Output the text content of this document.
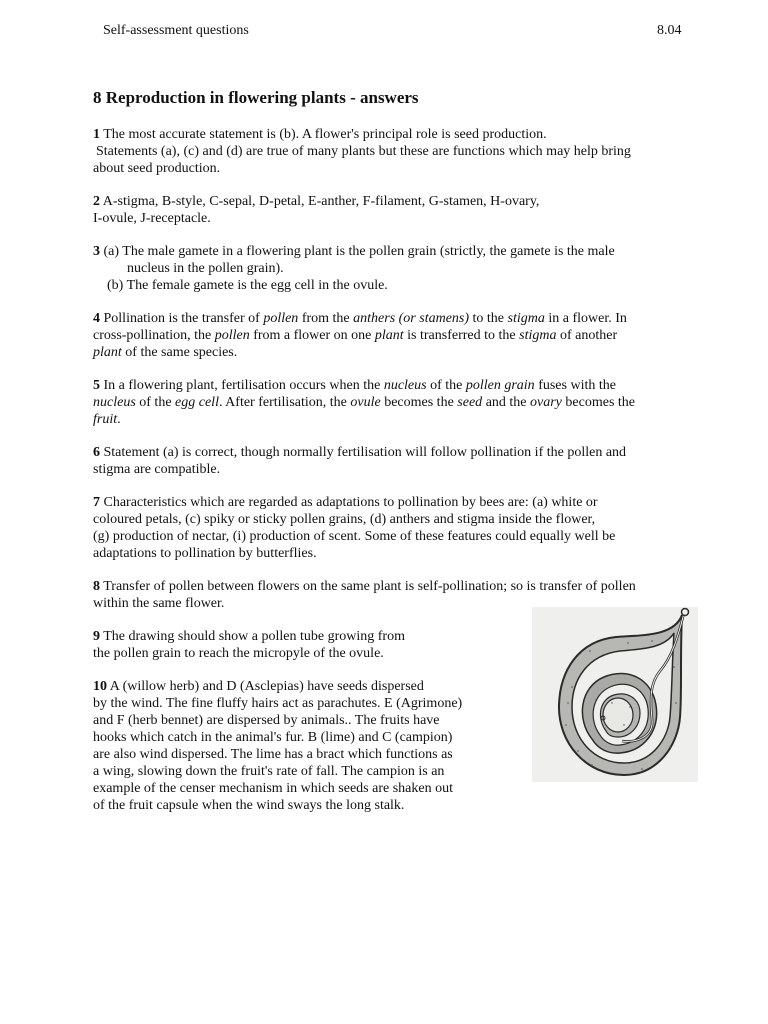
Self-assessment questions	8.04
8 Reproduction in flowering plants - answers

1 The most accurate statement is (b). A flower's principal role is seed production.
Statements (a), (c) and (d) are true of many plants but these are functions which may help bring
about seed production.

2 A-stigma, B-style, C-sepal, D-petal, E-anther, F-filament, G-stamen, H-ovary,
I-ovule, J-receptacle.

3 (a) The male gamete in a flowering plant is the pollen grain (strictly, the gamete is the male
nucleus in the pollen grain).
(b) The female gamete is the egg cell in the ovule.

4 Pollination is the transfer of pollen from the anthers (or stamens) to the stigma in a flower. In
cross-pollination, the pollen from a flower on one plant is transferred to the stigma of another
plant of the same species.

5 In a flowering plant, fertilisation occurs when the nucleus of the pollen grain fuses with the
nucleus of the egg cell. After fertilisation, the ovule becomes the seed and the ovary becomes the
fruit.

6 Statement (a) is correct, though normally fertilisation will follow pollination if the pollen and
stigma are compatible.

7 Characteristics which are regarded as adaptations to pollination by bees are: (a) white or
coloured petals, (c) spiky or sticky pollen grains, (d) anthers and stigma inside the flower,
(g) production of nectar, (i) production of scent. Some of these features could equally well be
adaptations to pollination by butterflies.

8 Transfer of pollen between flowers on the same plant is self-pollination; so is transfer of pollen
within the same flower.

9 The drawing should show a pollen tube growing from
the pollen grain to reach the micropyle of the ovule.

10 A (willow herb) and D (Asclepias) have seeds dispersed
by the wind. The fine fluffy hairs act as parachutes. E (Agrimone)
and F (herb bennet) are dispersed by animals.. The fruits have
hooks which catch in the animal's fur. B (lime) and C (campion)
are also wind dispersed. The lime has a bract which functions as
a wing, slowing down the fruit's rate of fall. The campion is an
example of the censer mechanism in which seeds are shaken out
of the fruit capsule when the wind sways the long stalk.
